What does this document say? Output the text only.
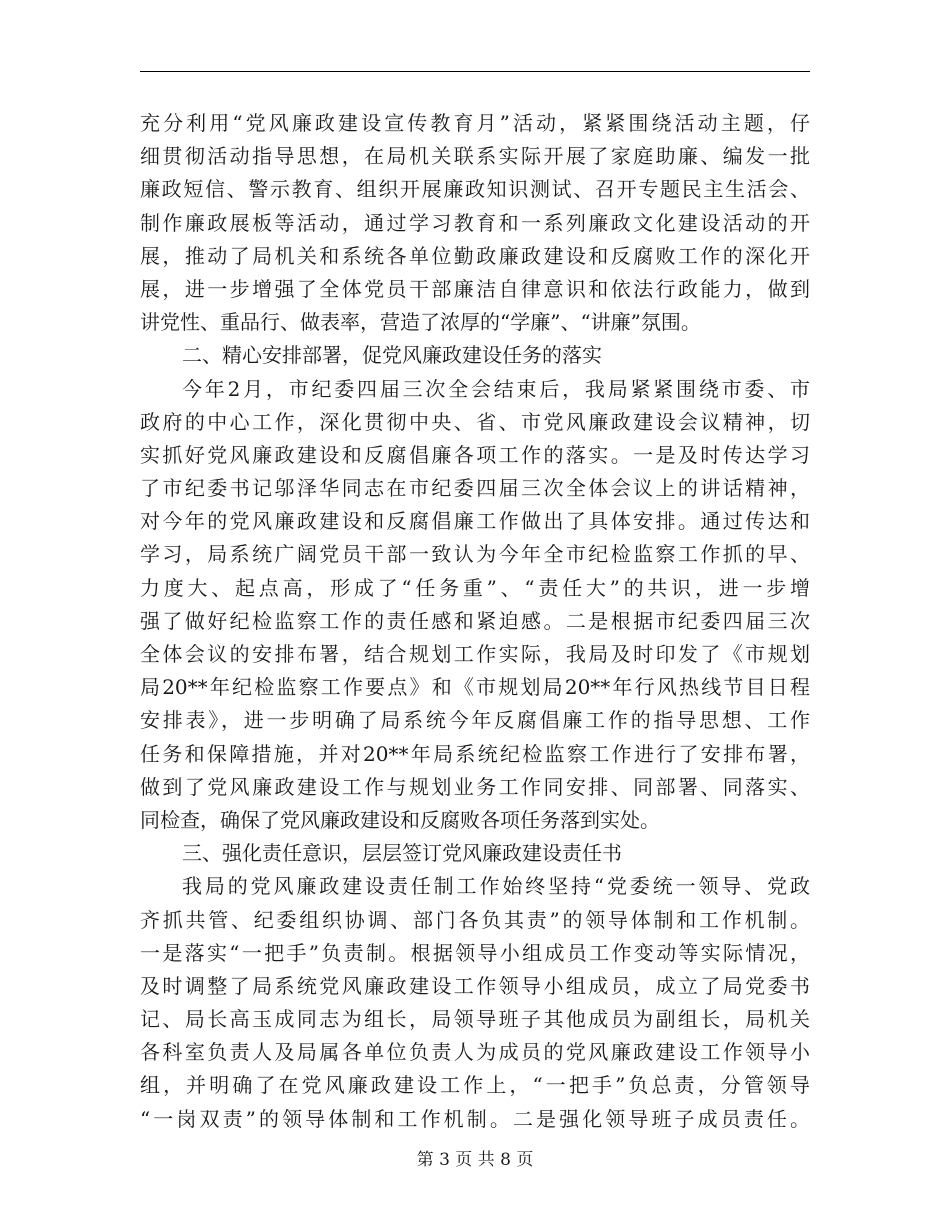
充分利用“党风廉政建设宣传教育月”活动，紧紧围绕活动主题，仔
细贯彻活动指导思想，在局机关联系实际开展了家庭助廉、编发一批
廉政短信、警示教育、组织开展廉政知识测试、召开专题民主生活会、
制作廉政展板等活动，通过学习教育和一系列廉政文化建设活动的开
展，推动了局机关和系统各单位勤政廉政建设和反腐败工作的深化开
展，进一步增强了全体党员干部廉洁自律意识和依法行政能力，做到
讲党性、重品行、做表率，营造了浓厚的“学廉”、“讲廉”氛围。
二、精心安排部署，促党风廉政建设任务的落实
今年2月，市纪委四届三次全会结束后，我局紧紧围绕市委、市
政府的中心工作，深化贯彻中央、省、市党风廉政建设会议精神，切
实抓好党风廉政建设和反腐倡廉各项工作的落实。一是及时传达学习
了市纪委书记邬泽华同志在市纪委四届三次全体会议上的讲话精神，
对今年的党风廉政建设和反腐倡廉工作做出了具体安排。通过传达和
学习，局系统广阔党员干部一致认为今年全市纪检监察工作抓的早、
力度大、起点高，形成了“任务重”、“责任大”的共识，进一步增
强了做好纪检监察工作的责任感和紧迫感。二是根据市纪委四届三次
全体会议的安排布署，结合规划工作实际，我局及时印发了《市规划
局20**年纪检监察工作要点》和《市规划局20**年行风热线节目日程
安排表》，进一步明确了局系统今年反腐倡廉工作的指导思想、工作
任务和保障措施，并对20**年局系统纪检监察工作进行了安排布署，
做到了党风廉政建设工作与规划业务工作同安排、同部署、同落实、
同检查，确保了党风廉政建设和反腐败各项任务落到实处。
三、强化责任意识，层层签订党风廉政建设责任书
我局的党风廉政建设责任制工作始终坚持“党委统一领导、党政
齐抓共管、纪委组织协调、部门各负其责”的领导体制和工作机制。
一是落实“一把手”负责制。根据领导小组成员工作变动等实际情况，
及时调整了局系统党风廉政建设工作领导小组成员，成立了局党委书
记、局长高玉成同志为组长，局领导班子其他成员为副组长，局机关
各科室负责人及局属各单位负责人为成员的党风廉政建设工作领导小
组，并明确了在党风廉政建设工作上，“一把手”负总责，分管领导
“一岗双责”的领导体制和工作机制。二是强化领导班子成员责任。
第 3 页 共 8 页
